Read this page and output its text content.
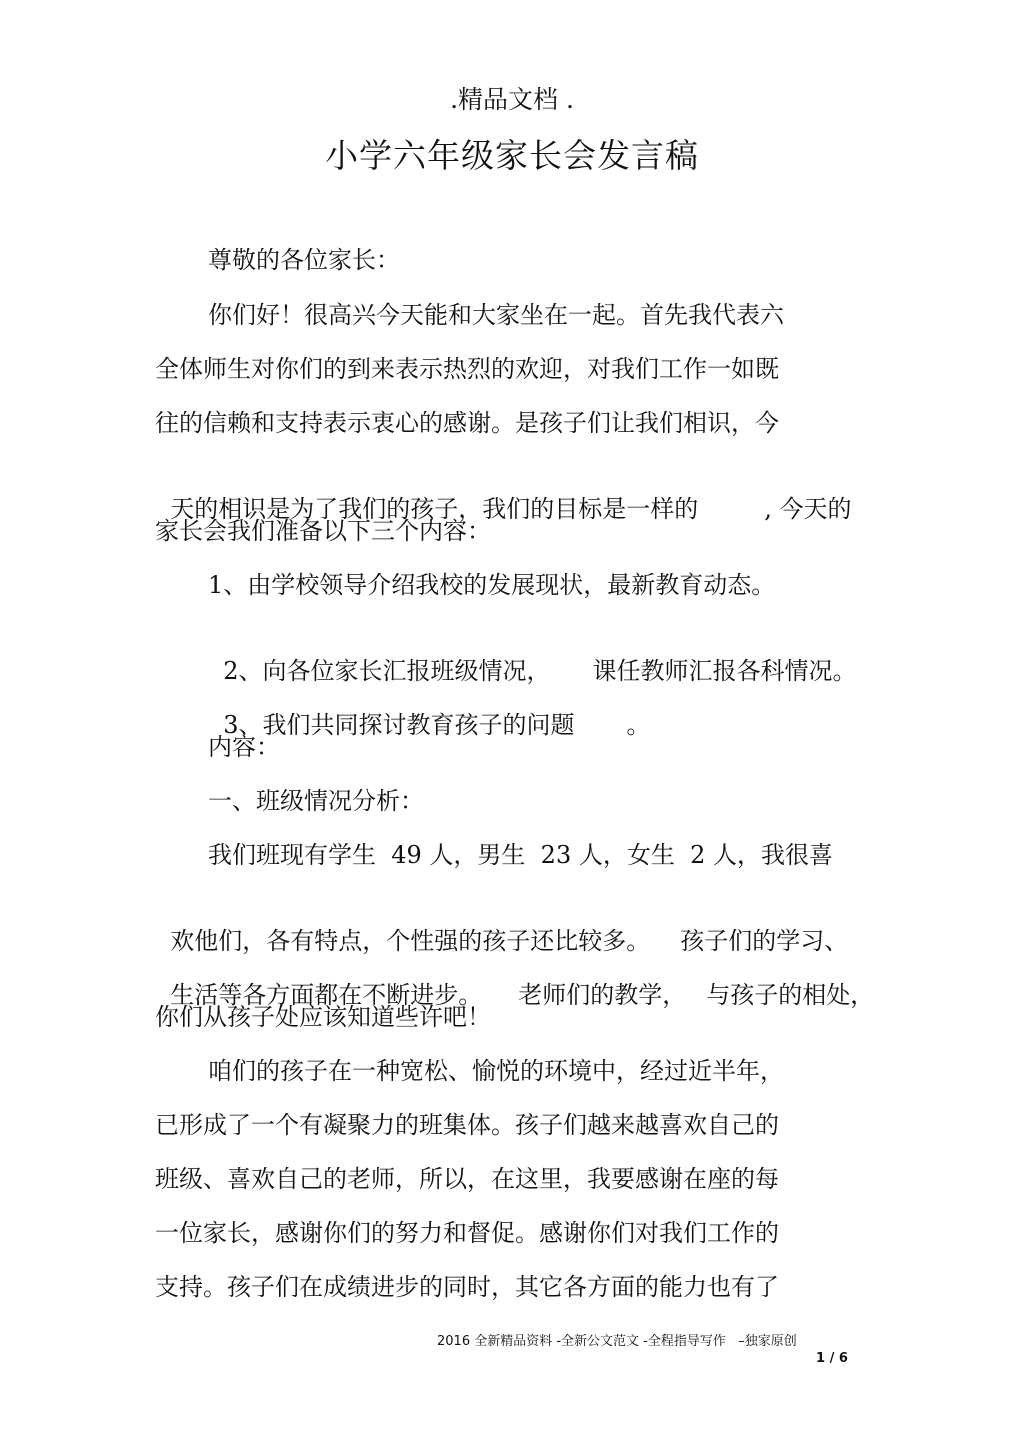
.精品文档 .
小学六年级家长会发言稿
尊敬的各位家长：
你们好！很高兴今天能和大家坐在一起。首先我代表六
全体师生对你们的到来表示热烈的欢迎，对我们工作一如既
往的信赖和支持表示衷心的感谢。是孩子们让我们相识，今

天的相识是为了我们的孩子，我们的目标是一样的	, 今天的

家长会我们准备以下三个内容：
1、由学校领导介绍我校的发展现状，最新教育动态。

2、向各位家长汇报班级情况， 课任教师汇报各科情况。

3、我们共同探讨教育孩子的问题 。

内容：
一、班级情况分析：
我们班现有学生  49 人，男生  23 人，女生  2 人，我很喜

欢他们，各有特点，个性强的孩子还比较多。 孩子们的学习、

生活等各方面都在不断进步。 老师们的教学， 与孩子的相处，

你们从孩子处应该知道些许吧！
咱们的孩子在一种宽松、愉悦的环境中，经过近半年，
已形成了一个有凝聚力的班集体。孩子们越来越喜欢自己的
班级、喜欢自己的老师，所以，在这里，我要感谢在座的每
一位家长，感谢你们的努力和督促。感谢你们对我们工作的
支持。孩子们在成绩进步的同时，其它各方面的能力也有了
2016 全新精品资料 -全新公文范文 -全程指导写作   –独家原创
1 / 6
